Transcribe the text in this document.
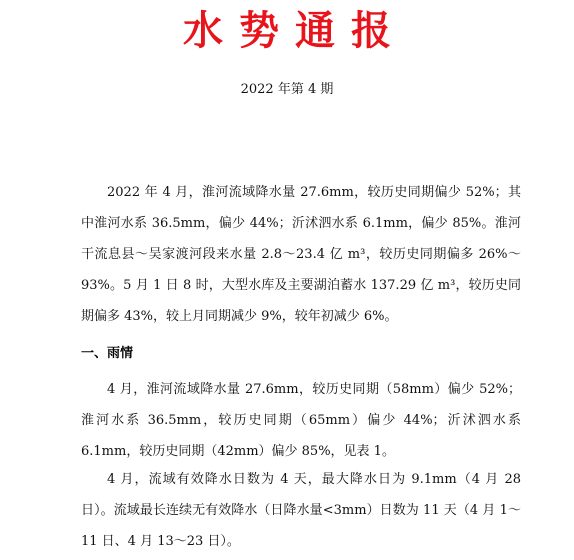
水势通报
2022 年第 4 期

2022 年 4 月，淮河流域降水量 27.6mm，较历史同期偏少 52%；其中淮河水系 36.5mm，偏少 44%；沂沭泗水系 6.1mm，偏少 85%。淮河干流息县～吴家渡河段来水量 2.8～23.4 亿 m³，较历史同期偏多 26%～93%。5 月 1 日 8 时，大型水库及主要湖泊蓄水 137.29 亿 m³，较历史同期偏多 43%，较上月同期减少 9%，较年初减少 6%。

一、雨情

4 月，淮河流域降水量 27.6mm，较历史同期（58mm）偏少 52%；淮河水系 36.5mm，较历史同期（65mm）偏少 44%；沂沭泗水系 6.1mm，较历史同期（42mm）偏少 85%，见表 1。

4 月，流域有效降水日数为 4 天，最大降水日为 9.1mm（4 月 28 日）。流域最长连续无有效降水（日降水量<3mm）日数为 11 天（4 月 1～11 日、4 月 13～23 日）。
